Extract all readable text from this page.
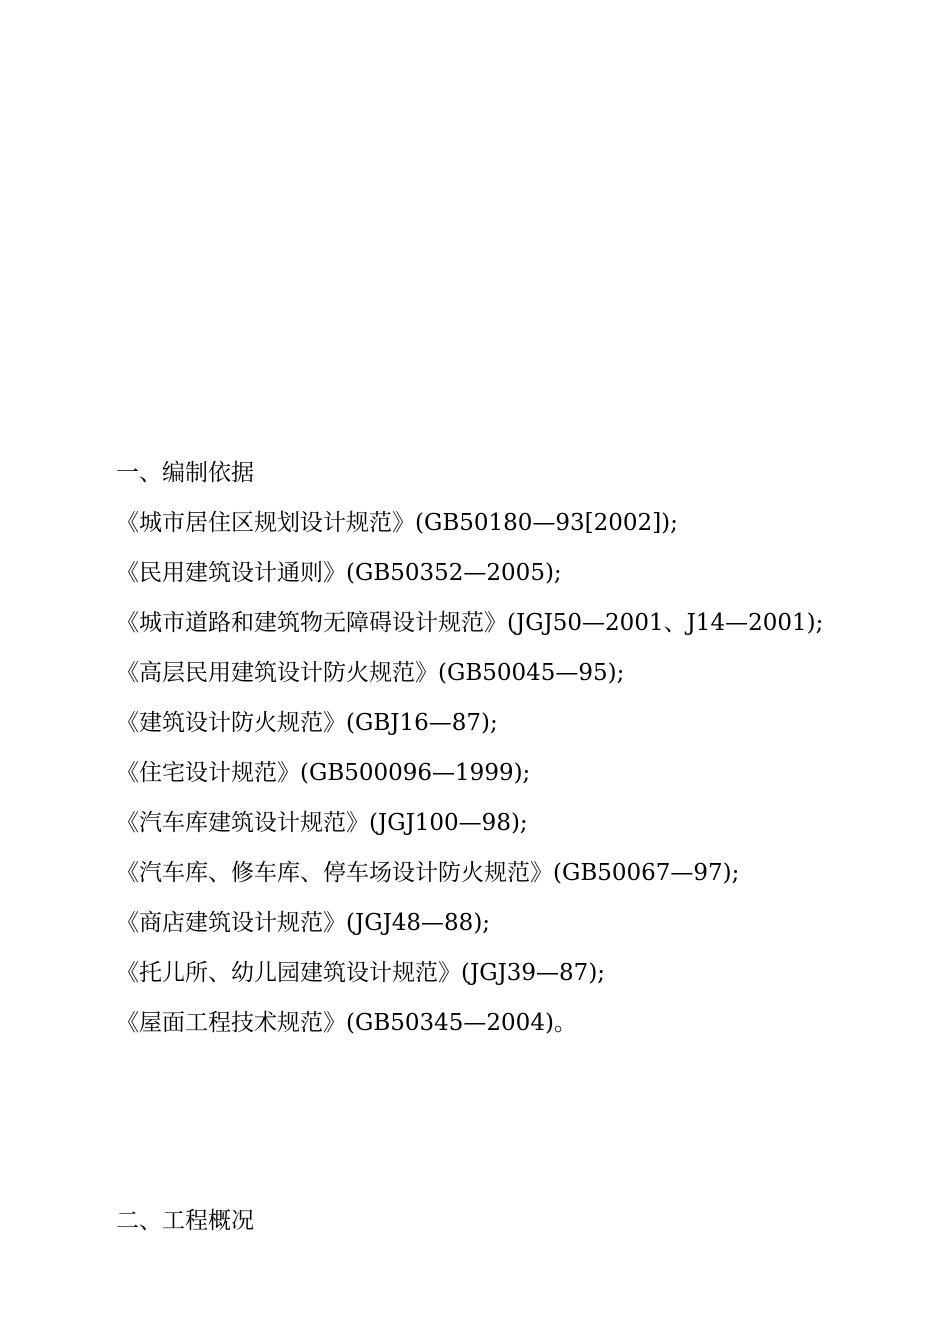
一、编制依据
《城市居住区规划设计规范》(GB50180—93[2002]);
《民用建筑设计通则》(GB50352—2005);
《城市道路和建筑物无障碍设计规范》(JGJ50—2001、J14—2001);
《高层民用建筑设计防火规范》(GB50045—95);
《建筑设计防火规范》(GBJ16—87);
《住宅设计规范》(GB500096—1999);
《汽车库建筑设计规范》(JGJ100—98);
《汽车库、修车库、停车场设计防火规范》(GB50067—97);
《商店建筑设计规范》(JGJ48—88);
《托儿所、幼儿园建筑设计规范》(JGJ39—87);
《屋面工程技术规范》(GB50345—2004)。
二、工程概况
